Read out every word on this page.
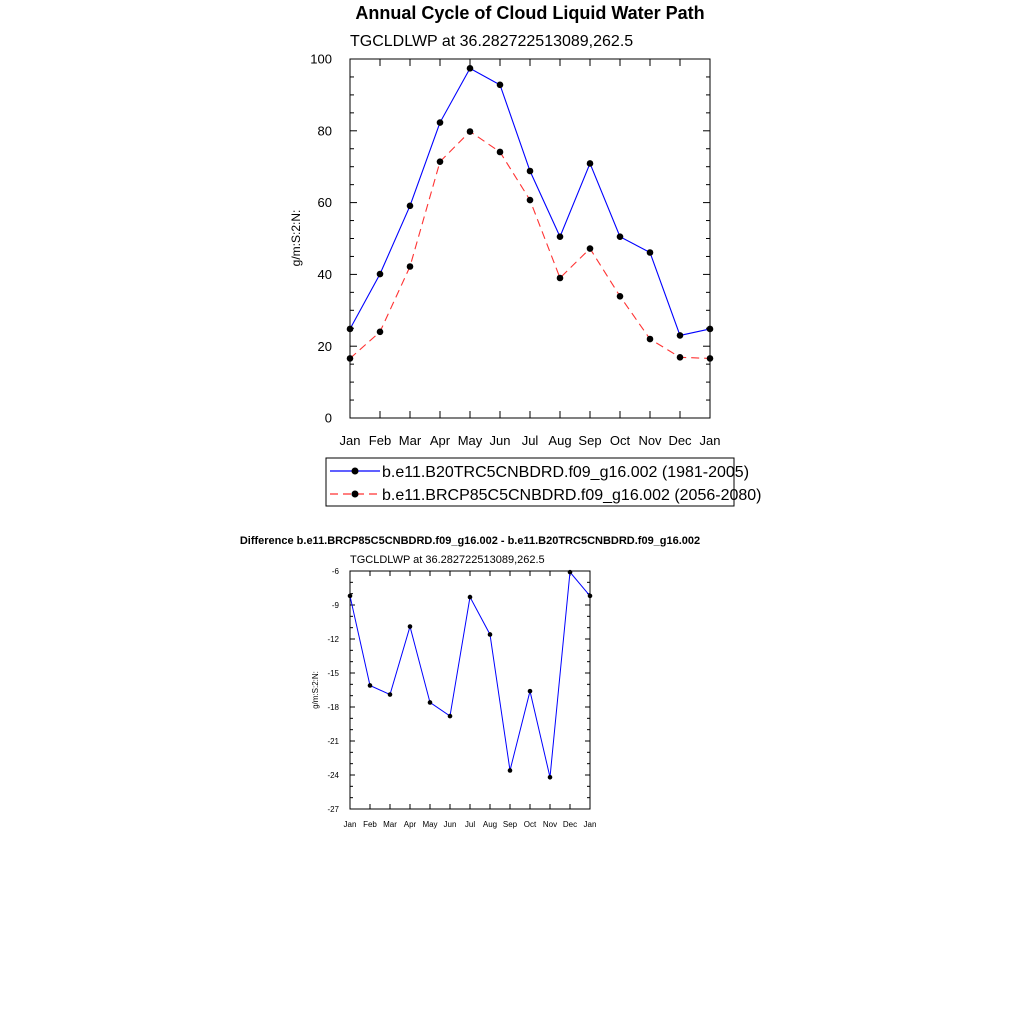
Annual Cycle of Cloud Liquid Water Path
TGCLDLWP at 36.282722513089,262.5
g/m:S:2:N:
b.e11.B20TRC5CNBDRD.f09_g16.002 (1981-2005)
b.e11.BRCP85C5CNBDRD.f09_g16.002 (2056-2080)
Difference b.e11.BRCP85C5CNBDRD.f09_g16.002 - b.e11.B20TRC5CNBDRD.f09_g16.002
TGCLDLWP at 36.282722513089,262.5
g/m:S:2:N:
Jan Feb Mar Apr May Jun Jul Aug Sep Oct Nov Dec Jan
0
20
40
60
80
100
Jan Feb Mar Apr May Jun Jul Aug Sep Oct Nov Dec Jan
-27
-24
-21
-18
-15
-12
-9
-6
